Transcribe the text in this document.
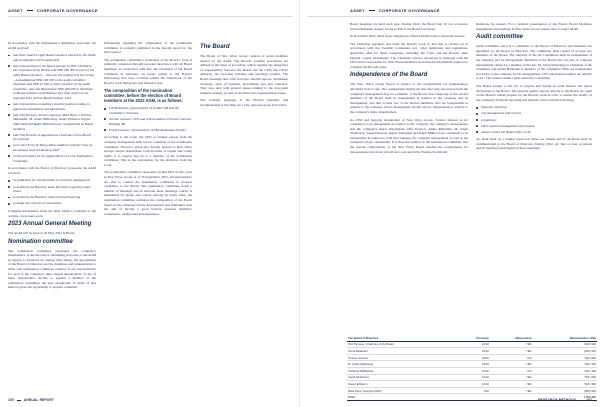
ASSET	CORPORATE GOVERNANCE

In accordance with the Nomination Committee's proposals, the AGM resolved:

that there shall be eight Board members elected by the AGM, and no deputies will be appointed
that remuneration to the Board amount to SEK 740 000 to the Chairman of the Board, and SEK 280 000 to each of the other Board members – who are not employed in the Group – and additional SEK 190 000 to the audit committee chairman and SEK 95 000 to other members of the audit committee. Also, the Board have SEK 180 000 to distribute to Board members contributing more than what is to be expected from normal Board member work
that remuneration to auditors shall be paid according to approved calculations and agreements
that Olof Persson, Torsten Jansson, Mats Årjes, Christina Ståhlander, M. Johan Widerberg, Susan Eriksson, Ingrid Söderlund and Ralph Mühlrad were re-appointed as Board members
that Olof Persson is appointed as Chairman of the Board (re-elected)
to re-elect Ernst & Young AB as auditors until the close of the Annual General Meeting 2023
on the principles for the appointment of a new Nomination Committee

In accordance with the Board of Directors' proposals, the AGM resolved:

on guidelines for remuneration to executive management
to authorise the Board to make decisions regarding share issues
to authorise the Board to raise external financing
to adopt new articles of association

Complete information about the 2022 AGM is available on the website, www.asset.se/en.

2023 Annual General Meeting

The AGM will be held on 26 May 2023 in Borås.

Nomination committee

The nomination committee represents the company's shareholders. It has the task of submitting proposals to the AGM in regards to decisions on, among other things, the appointment of the Board of Directors and its chairman, and remuneration to them. The nomination committee consists of one representative for each of the company's three largest shareholders. If any of these shareholder's decline to appoint a member of the nomination committee, the next shareholder in terms of size shall be given the opportunity to appoint a member.

Information regarding the composition of the nomination committee is normally published in the interim report for the third quarter.

The nomination committee's evaluation of the Board's work is primarily conducted through personal interviews with all Board members. In connection with this, the Chairman of the Board comments in particular on issues related to the Board's functioning that have occurred within the framework of the Board's work during the past financial year.

The composition of the nomination committee, before the election of Board members at the 2023 AGM, is as follows:
Ulf Hedlundh, representative of Svolder AB and the committee's chairman
Torsten Jansson, CEO and representative of Torsten Jansson Holding AB
Frank Larsson, representative of Handelsbanken Fonder

According to the Code, the CEO or another person from the company management shall not be a member of the nomination committee. However, given that Torsten Jansson is New Wave Group's largest shareholder, both in terms of capital and voting rights, it is natural that he is a member of the nomination committee. This is the explanation for the deviation from the Code.

The nomination committee represents around 66% of the votes in New Wave Group as of 30 September 2022. All shareholders are able to contact the nomination committee to propose candidates to the Board. The nomination committee holds a number of meetings and in between these meetings contact is maintained by phone and e-mail. Among its many tasks, the nomination committee evaluates the composition of the Board based on the company's future development and challenges with the aim of having a good balance between members' competence, background and experience.

The Board

The Board of New Wave Group consists of seven members elected by the AGM. The Board's working procedures are defined in the rules of procedure, which regulate the delegation of responsibility between the Board and the CEO, the CEO's authority, the reporting schedule and reporting routines. The Board meetings deal with forecasts, interim reports, investment decisions, sales of business, investments and new branches. They also deal with general issues relating to the long-term business strategy as well as structural and organisational issues.

The working language at the Board's meetings and documentation is Swedish. As a rule, between seven and twelve

100	ANNUAL REPORT
ASSET	CORPORATE GOVERNANCE

Board meetings are held each year. During 2022, the Board met 10 ten occasions. Göran Hedlundh, Atajsty Group (CEO, is the Board's secretary.

In November 2022, Mats Årjes resigned as a Board member due to personal reasons.

The Chairman organises and leads the Board's work so that this is carried out in accordance with the Swedish Companies Act, other legislation and regulations, applicable rules for listed companies, including the Code, and the Board's other internal control instruments. The Chairman follows operations in dialogue with the CEO and is responsible for other Board members receiving the information required to complete the Board's tasks.

Independence of the Board

The New Wave Group Board is subject to the requirements for independence described in the Code. The requirements mainly involve that only one person from the company's management may be a member of the Board, that a majority of the elected members of the Board shall be independent in relation to the company and its management, and that at least two of the elected members who are independent in relation to the company and its management should also be independent in relation to the company's major shareholders.

As CEO and majority shareholder of New Wave Group, Torsten Jansson is not considered to be independent in relation to the company, the company's management and the company's major shareholder. Olof Persson, Kinna Bellander, M. Johan Widerberg, Susan Eriksson, Ingrid Söderlund and Ralph Mühlrad are considered to be independent in relation to both the company, the company management as well as the company's major shareholder. It is thus the opinion of the nomination committee that the current compositions of the New Wave Board satisfies the requirements for independence laid down in both the Code and in the Nasdaq Stockholm

Rulebook for issuers. For a detailed presentation of the Board, Board Members assignments and holdings in New Wave Group, please refer to pages 92-96.

Audit committee

Audit committee (AC) is a committee to the Board of Directors and members are appointed by the Board of Directors. The committee shall consist of at least two members of the Board. The majority of the AC's members shall be independent of the company and its management. Members of the Board who are part of company management cannot be a member of the AC. M. Johan Widerberg is Chairman of the committee and Kinna Bellander is member of the committee. Both are independent in relation to the company and its management. CFO and internal auditor are adjunct to AC. The external auditor shall attend AC's meetings.

The Board assigns to the AC to prepare and decide on audit matters and report discussions to the Board. The external auditor reports directly to the Board. AC shall on the Board's behalf prepare for the Board's work in order to ensure the quality of the company's financial reporting and internal control and the following:

financial reporting
risk management and control
compliance
other internal management and control
matters which the Board refers to AC

AC shall meet on a regular basis four times per annum and its decisions shall be communicated to the Board of Directors. During 2022, AC met on four occasions and all members participated in these meetings.

The Board of Directors	Presence	Independent	Remuneration, SEK
Olof Persson, Chairman of the Board	10/10	YES	(000) 934
Kinna Bellander	10/10	YES	(000) 434
Torsten Jansson	10/10	NO	YES, 640
M. Johan Widerberg	10/10	YES	YES, 546
Christina Ståhlander	10/10	NO	YES, 396
Ingrid Söderlund	10/10	YES	YES, 546
Susan Eriksson	10/10	YES	YES, 566
Mats Årjes (resigned 2022)	7/10	YES	(000) 323
Total			1 754 410
RESEARCH METHODS	107
